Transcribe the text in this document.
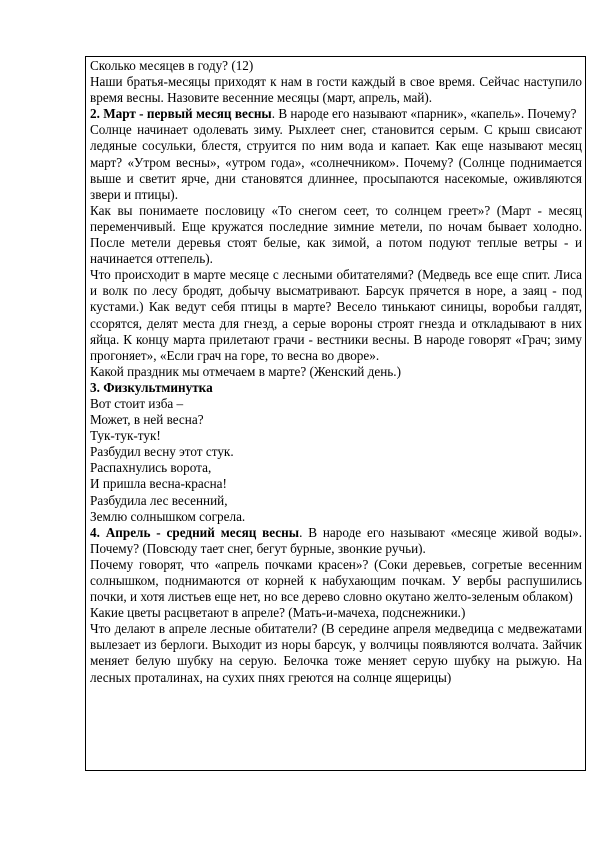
Сколько месяцев в году? (12)

Наши братья-месяцы приходят к нам в гости каждый в свое время. Сейчас наступило время весны. Назовите весенние месяцы (март, апрель, май).

2. Март - первый месяц весны. В народе его называют «парник», «капель». Почему?

Солнце начинает одолевать зиму. Рыхлеет снег, становится серым. С крыш свисают ледяные сосульки, блестя, струится по ним вода и капает. Как еще называют месяц март? «Утром весны», «утром года», «солнечником». Почему? (Солнце поднимается выше и светит ярче, дни становятся длиннее, просыпаются насекомые, оживляются звери и птицы).

Как вы понимаете пословицу «То снегом сеет, то солнцем греет»? (Март - месяц переменчивый. Еще кружатся последние зимние метели, по ночам бывает холодно. После метели деревья стоят белые, как зимой, а потом подуют теплые ветры - и начинается оттепель).

Что происходит в марте месяце с лесными обитателями? (Медведь все еще спит. Лиса и волк по лесу бродят, добычу высматривают. Барсук прячется в норе, а заяц - под кустами.) Как ведут себя птицы в марте? Весело тинькают синицы, воробьи галдят, ссорятся, делят места для гнезд, а серые вороны строят гнезда и откладывают в них яйца. К концу марта прилетают грачи - вестники весны. В народе говорят «Грач; зиму прогоняет», «Если грач на горе, то весна во дворе».

Какой праздник мы отмечаем в марте? (Женский день.)

3. Физкультминутка

Вот стоит изба –

Может, в ней весна?

Тук-тук-тук!

Разбудил весну этот стук.

Распахнулись ворота,

И пришла весна-красна!

Разбудила лес весенний,

Землю солнышком согрела.

4. Апрель - средний месяц весны. В народе его называют «месяце живой воды». Почему? (Повсюду тает снег, бегут бурные, звонкие ручьи).

Почему говорят, что «апрель почками красен»? (Соки деревьев, согретые весенним солнышком, поднимаются от корней к набухающим почкам. У вербы распушились почки, и хотя листьев еще нет, но все дерево словно окутано желто-зеленым облаком)

Какие цветы расцветают в апреле? (Мать-и-мачеха, подснежники.)

Что делают в апреле лесные обитатели? (В середине апреля медведица с медвежатами вылезает из берлоги. Выходит из норы барсук, у волчицы появляются волчата. Зайчик меняет белую шубку на серую. Белочка тоже меняет серую шубку на рыжую. На лесных проталинах, на сухих пнях греются на солнце ящерицы)
